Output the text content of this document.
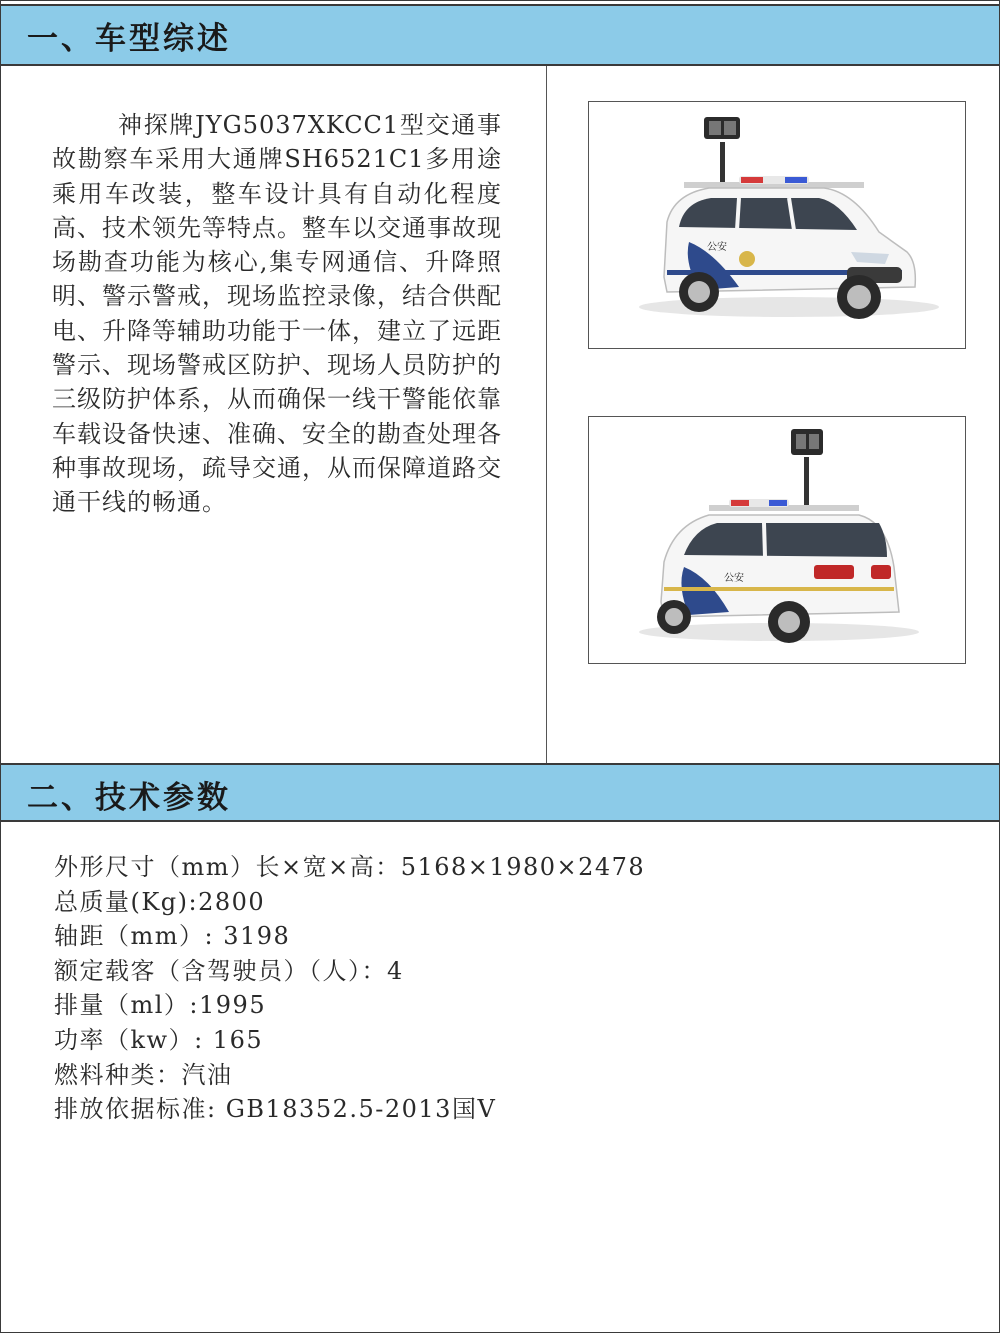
一、车型综述

神探牌JYG5037XKCC1型交通事故勘察车采用大通牌SH6521C1多用途乘用车改装，整车设计具有自动化程度高、技术领先等特点。整车以交通事故现场勘查功能为核心,集专网通信、升降照明、警示警戒，现场监控录像，结合供配电、升降等辅助功能于一体，建立了远距警示、现场警戒区防护、现场人员防护的三级防护体系，从而确保一线干警能依靠车载设备快速、准确、安全的勘查处理各种事故现场，疏导交通，从而保障道路交通干线的畅通。

公安
公安
二、技术参数
外形尺寸（mm）长×宽×高：5168×1980×2478
总质量(Kg):2800
轴距（mm）: 3198
额定载客（含驾驶员）（人）：4
排量（ml）:1995
功率（kw）: 165
燃料种类：汽油
排放依据标准: GB18352.5-2013国Ⅴ
